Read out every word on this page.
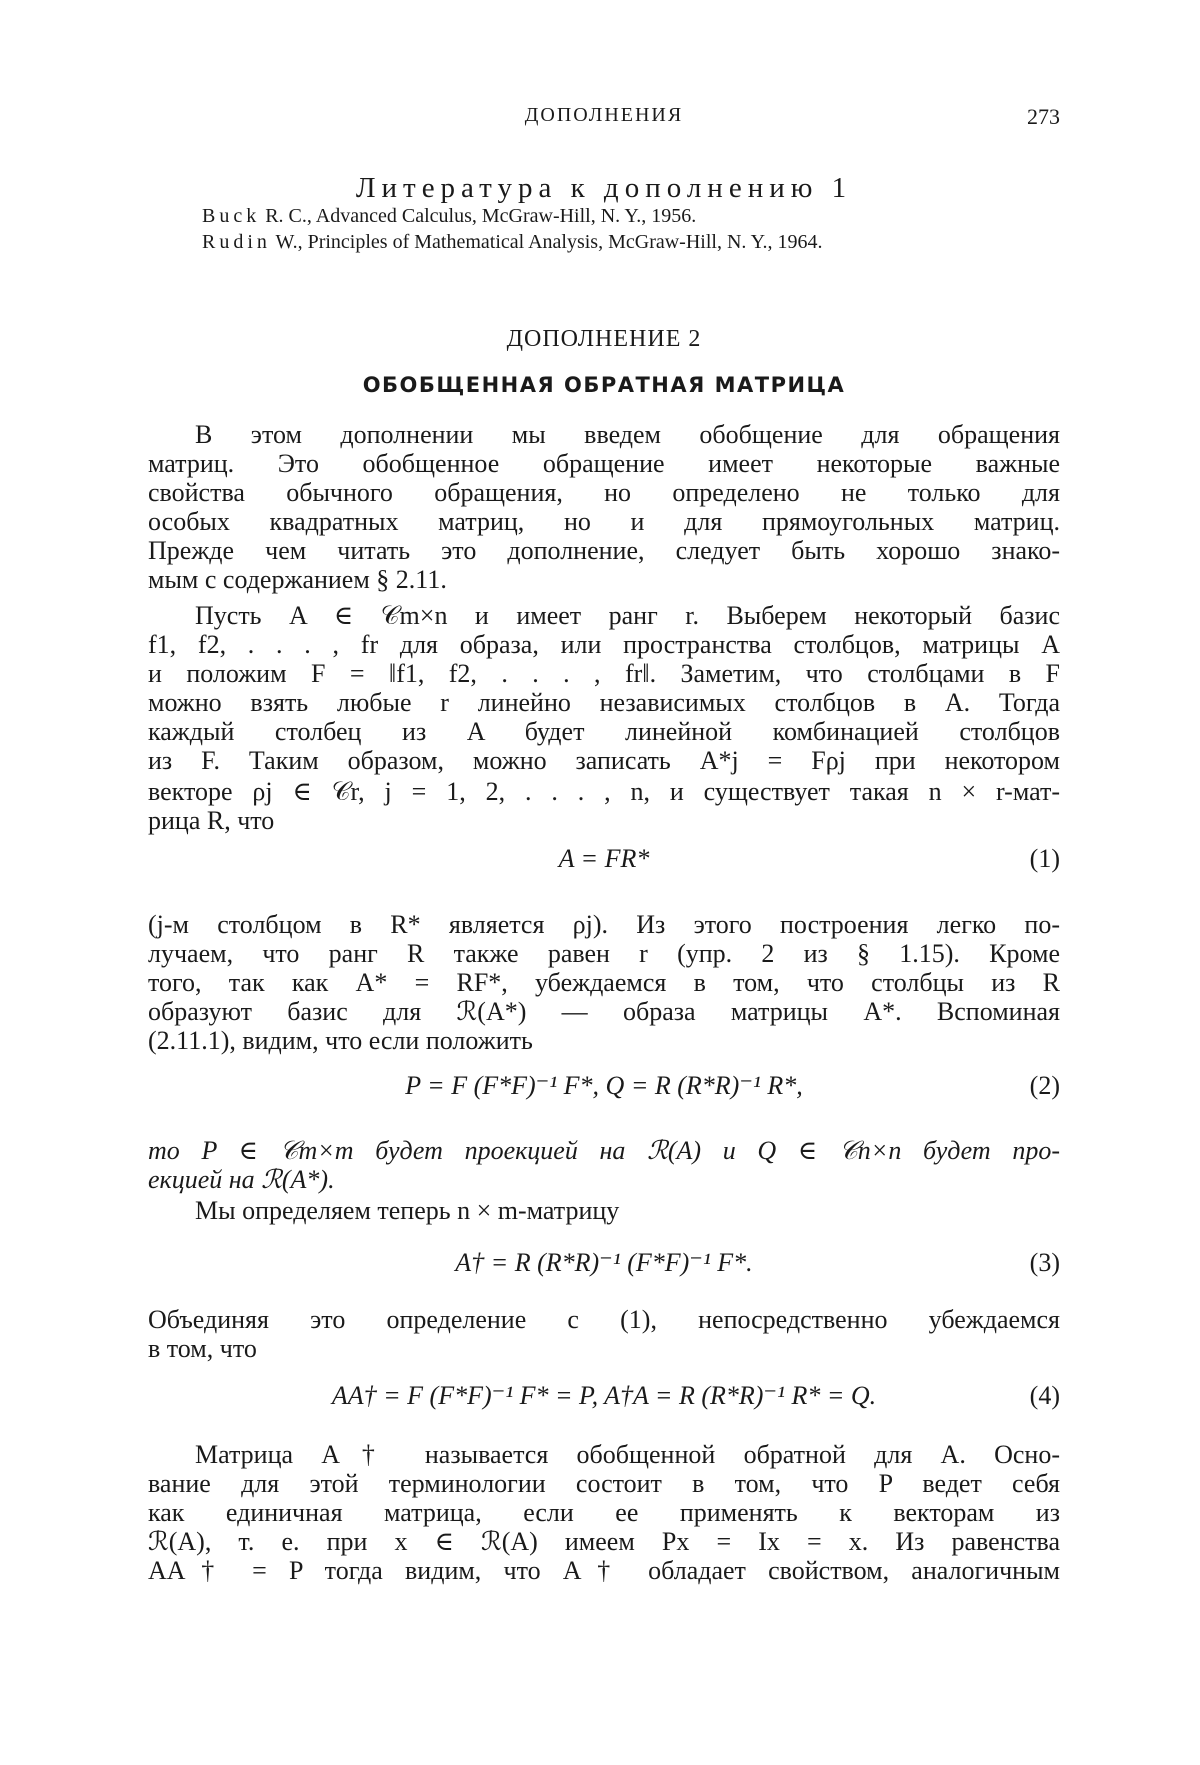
ДОПОЛНЕНИЯ	273
Литература к дополнению 1
Buck R. C., Advanced Calculus, McGraw-Hill, N. Y., 1956.
Rudin W., Principles of Mathematical Analysis, McGraw-Hill, N. Y., 1964.
ДОПОЛНЕНИЕ 2
ОБОБЩЕННАЯ ОБРАТНАЯ МАТРИЦА
В этом дополнении мы введем обобщение для обращения
матриц. Это обобщенное обращение имеет некоторые важные
свойства обычного обращения, но определено не только для
особых квадратных матриц, но и для прямоугольных матриц.
Прежде чем читать это дополнение, следует быть хорошо знако-
мым с содержанием § 2.11.
Пусть A ∈ 𝒞m×n и имеет ранг r. Выберем некоторый базис
f1, f2, . . . , fr для образа, или пространства столбцов, матрицы A
и положим F = ‖f1, f2, . . . , fr‖. Заметим, что столбцами в F
можно взять любые r линейно независимых столбцов в A. Тогда
каждый столбец из A будет линейной комбинацией столбцов
из F. Таким образом, можно записать A*j = Fρj при некотором
векторе ρj ∈ 𝒞r, j = 1, 2, . . . , n, и существует такая n × r-мат-
рица R, что
A = FR*	(1)
(j-м столбцом в R* является ρj). Из этого построения легко по-
лучаем, что ранг R также равен r (упр. 2 из § 1.15). Кроме
того, так как A* = RF*, убеждаемся в том, что столбцы из R
образуют базис для ℛ(A*) — образа матрицы A*. Вспоминая
(2.11.1), видим, что если положить
P = F (F*F)⁻¹ F*, Q = R (R*R)⁻¹ R*,	(2)
то P ∈ 𝒞m×m будет проекцией на ℛ(A) и Q ∈ 𝒞n×n будет про-
екцией на ℛ(A*).
Мы определяем теперь n × m-матрицу
A† = R (R*R)⁻¹ (F*F)⁻¹ F*.	(3)
Объединяя это определение с (1), непосредственно убеждаемся
в том, что
AA† = F (F*F)⁻¹ F* = P, A†A = R (R*R)⁻¹ R* = Q.	(4)
Матрица A† называется обобщенной обратной для A. Осно-
вание для этой терминологии состоит в том, что P ведет себя
как единичная матрица, если ее применять к векторам из
ℛ(A), т. е. при x ∈ ℛ(A) имеем Px = Ix = x. Из равенства
AA† = P тогда видим, что A† обладает свойством, аналогичным
